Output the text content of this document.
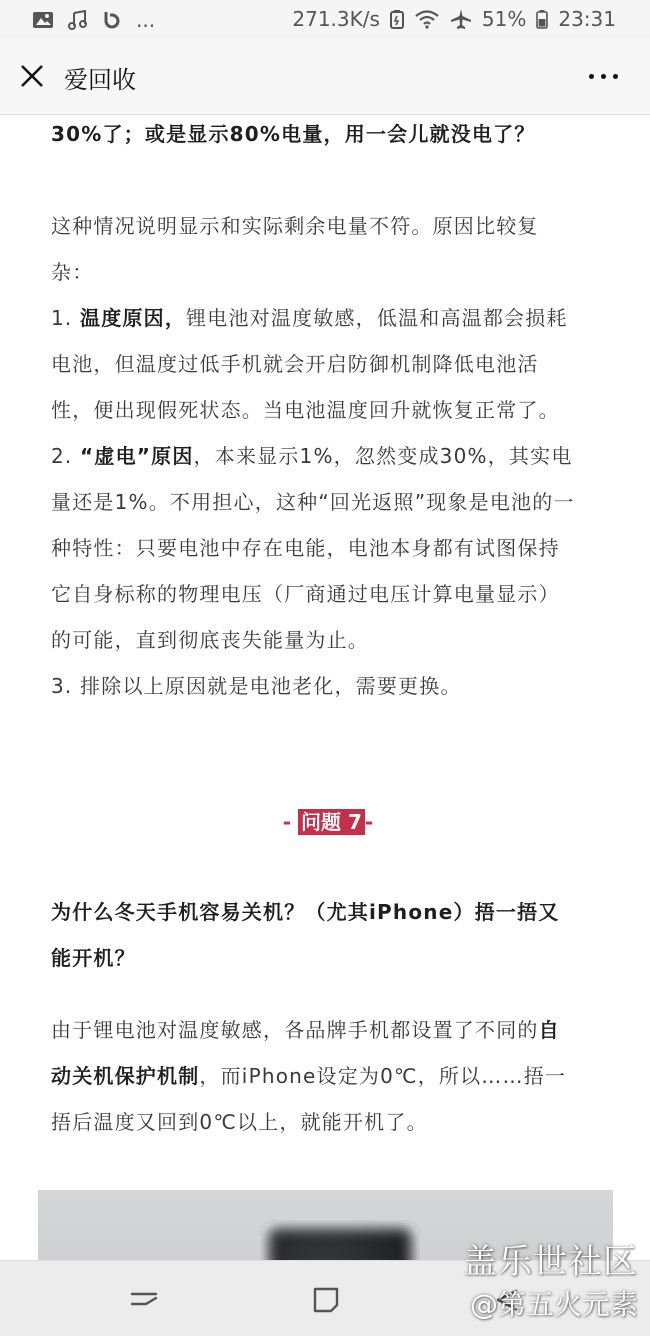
...	271.3K/s	51% 23:31
爱回收
30%了；或是显示80%电量，用一会儿就没电了？
这种情况说明显示和实际剩余电量不符。原因比较复
杂：
1. 温度原因，锂电池对温度敏感，低温和高温都会损耗
电池，但温度过低手机就会开启防御机制降低电池活
性，便出现假死状态。当电池温度回升就恢复正常了。
2. “虚电”原因，本来显示1%，忽然变成30%，其实电
量还是1%。不用担心，这种“回光返照”现象是电池的一
种特性：只要电池中存在电能，电池本身都有试图保持
它自身标称的物理电压（厂商通过电压计算电量显示）
的可能，直到彻底丧失能量为止。
3. 排除以上原因就是电池老化，需要更换。
- 问题 7 -
为什么冬天手机容易关机？（尤其iPhone）捂一捂又
能开机？
由于锂电池对温度敏感，各品牌手机都设置了不同的自
动关机保护机制，而iPhone设定为0℃，所以……捂一
捂后温度又回到0℃以上，就能开机了。
盖乐世社区
@第五火元素
